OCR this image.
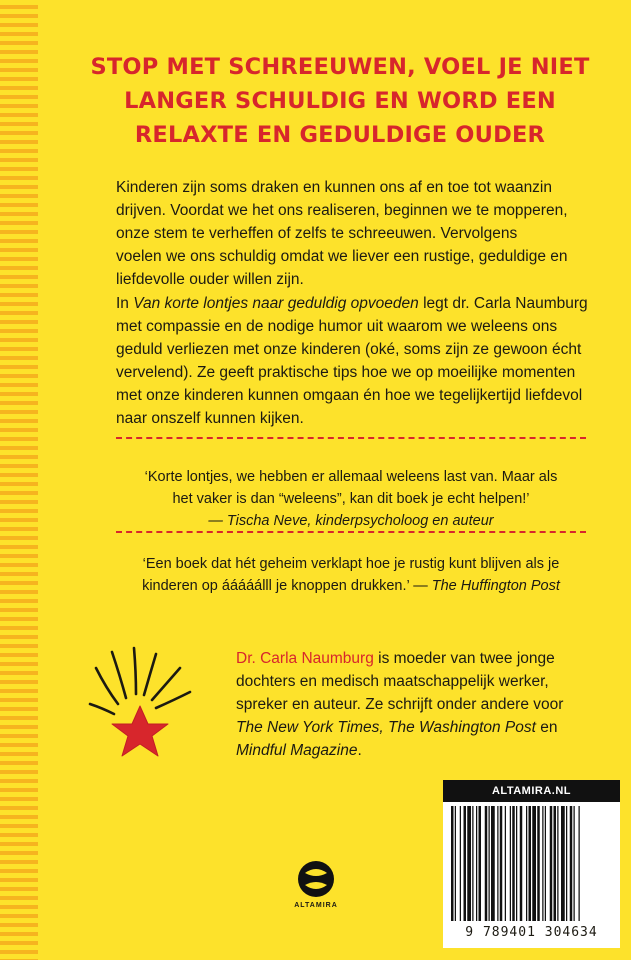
STOP MET SCHREEUWEN, VOEL JE NIET
LANGER SCHULDIG EN WORD EEN
RELAXTE EN GEDULDIGE OUDER

Kinderen zijn soms draken en kunnen ons af en toe tot waanzin
drijven. Voordat we het ons realiseren, beginnen we te mopperen,
onze stem te verheffen of zelfs te schreeuwen. Vervolgens
voelen we ons schuldig omdat we liever een rustige, geduldige en
liefdevolle ouder willen zijn.

In Van korte lontjes naar geduldig opvoeden legt dr. Carla Naumburg
met compassie en de nodige humor uit waarom we weleens ons
geduld verliezen met onze kinderen (oké, soms zijn ze gewoon écht
vervelend). Ze geeft praktische tips hoe we op moeilijke momenten
met onze kinderen kunnen omgaan én hoe we tegelijkertijd liefdevol
naar onszelf kunnen kijken.

‘Korte lontjes, we hebben er allemaal weleens last van. Maar als
het vaker is dan “weleens”, kan dit boek je echt helpen!’
— Tischa Neve, kinderpsycholoog en auteur
‘Een boek dat hét geheim verklapt hoe je rustig kunt blijven als je
kinderen op ááááálll je knoppen drukken.’ — The Huffington Post
Dr. Carla Naumburg is moeder van twee jonge
dochters en medisch maatschappelijk werker,
spreker en auteur. Ze schrijft onder andere voor
The New York Times, The Washington Post en
Mindful Magazine.
ALTAMIRA
ALTAMIRA.NL
9 789401 304634
